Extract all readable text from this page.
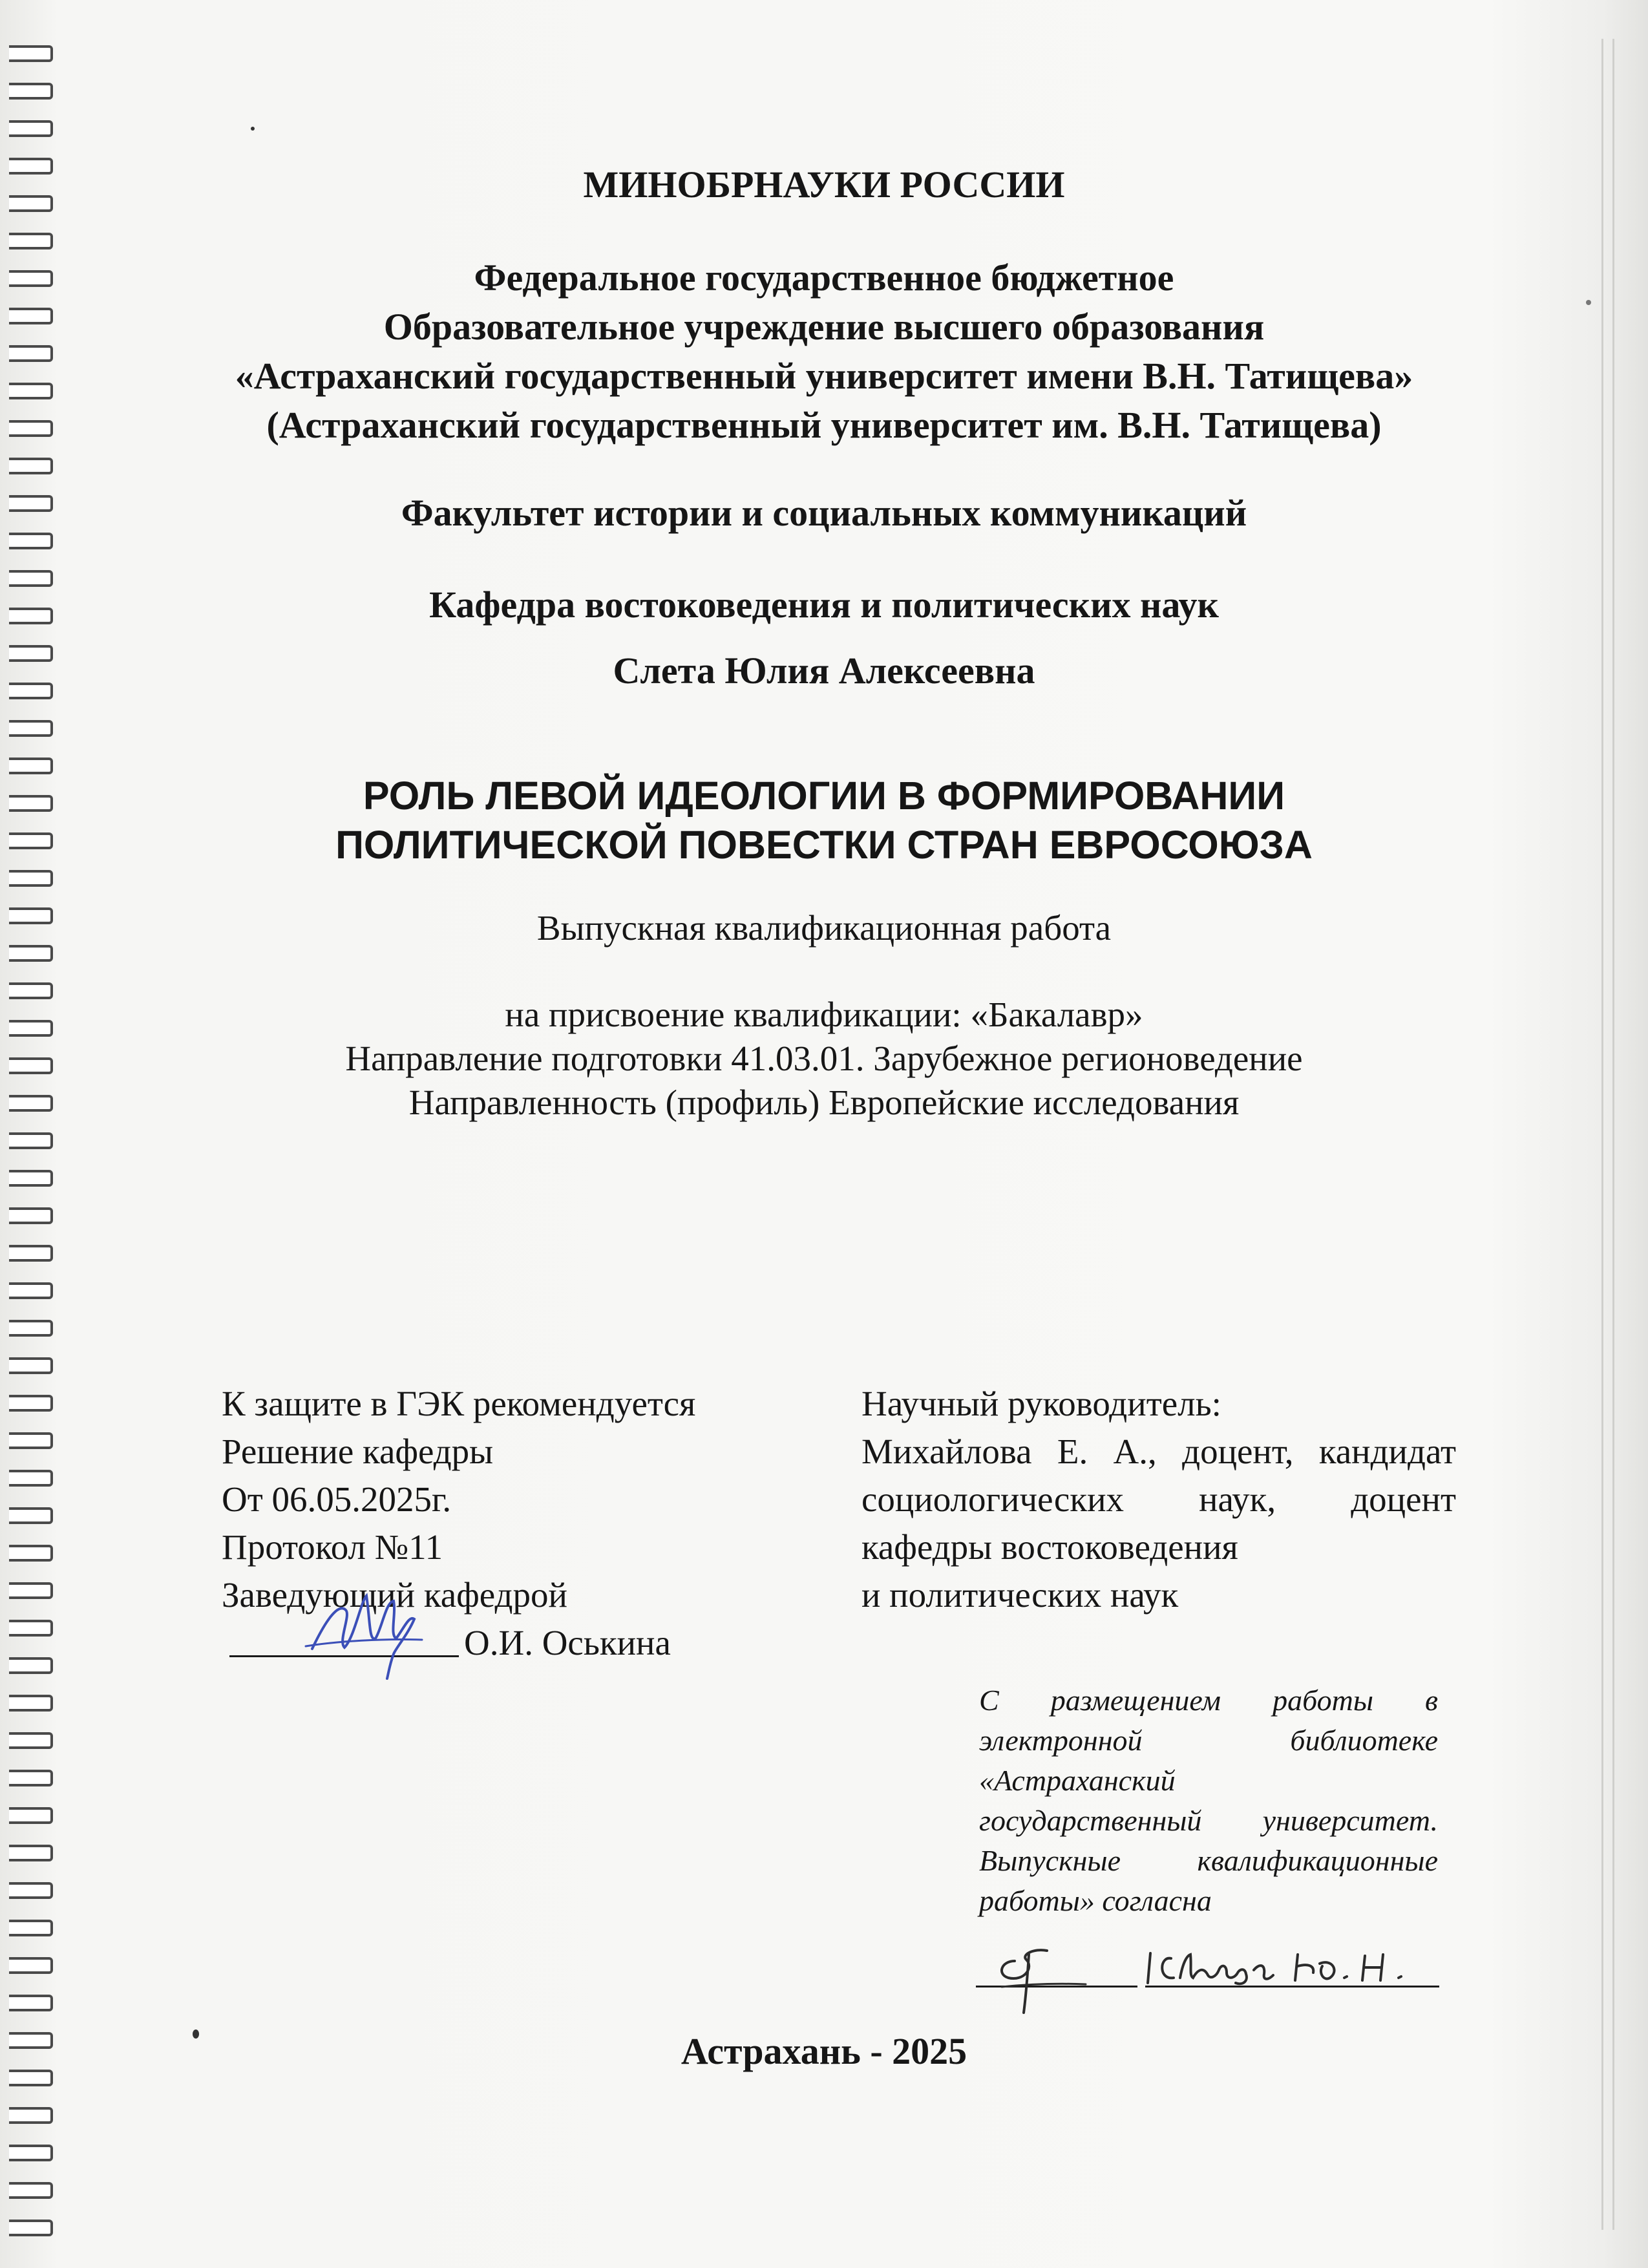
МИНОБРНАУКИ РОССИИ
Федеральное государственное бюджетное
Образовательное учреждение высшего образования
«Астраханский государственный университет имени В.Н. Татищева»
(Астраханский государственный университет им. В.Н. Татищева)
Факультет истории и социальных коммуникаций
Кафедра востоковедения и политических наук
Слета Юлия Алексеевна
РОЛЬ ЛЕВОЙ ИДЕОЛОГИИ В ФОРМИРОВАНИИ
ПОЛИТИЧЕСКОЙ ПОВЕСТКИ СТРАН ЕВРОСОЮЗА
Выпускная квалификационная работа
на присвоение квалификации: «Бакалавр»
Направление подготовки 41.03.01. Зарубежное регионоведение
Направленность (профиль) Европейские исследования
К защите в ГЭК рекомендуется
Решение кафедры
От 06.05.2025г.
Протокол №11
Заведующий кафедрой
О.И. Оськина
Научный руководитель:
Михайлова Е. А., доцент, кандидат
социологических наук, доцент
кафедры востоковедения
и политических наук
С размещением работы в
электронной библиотеке
«Астраханский
государственный университет.
Выпускные квалификационные
работы» согласна
Астрахань - 2025
